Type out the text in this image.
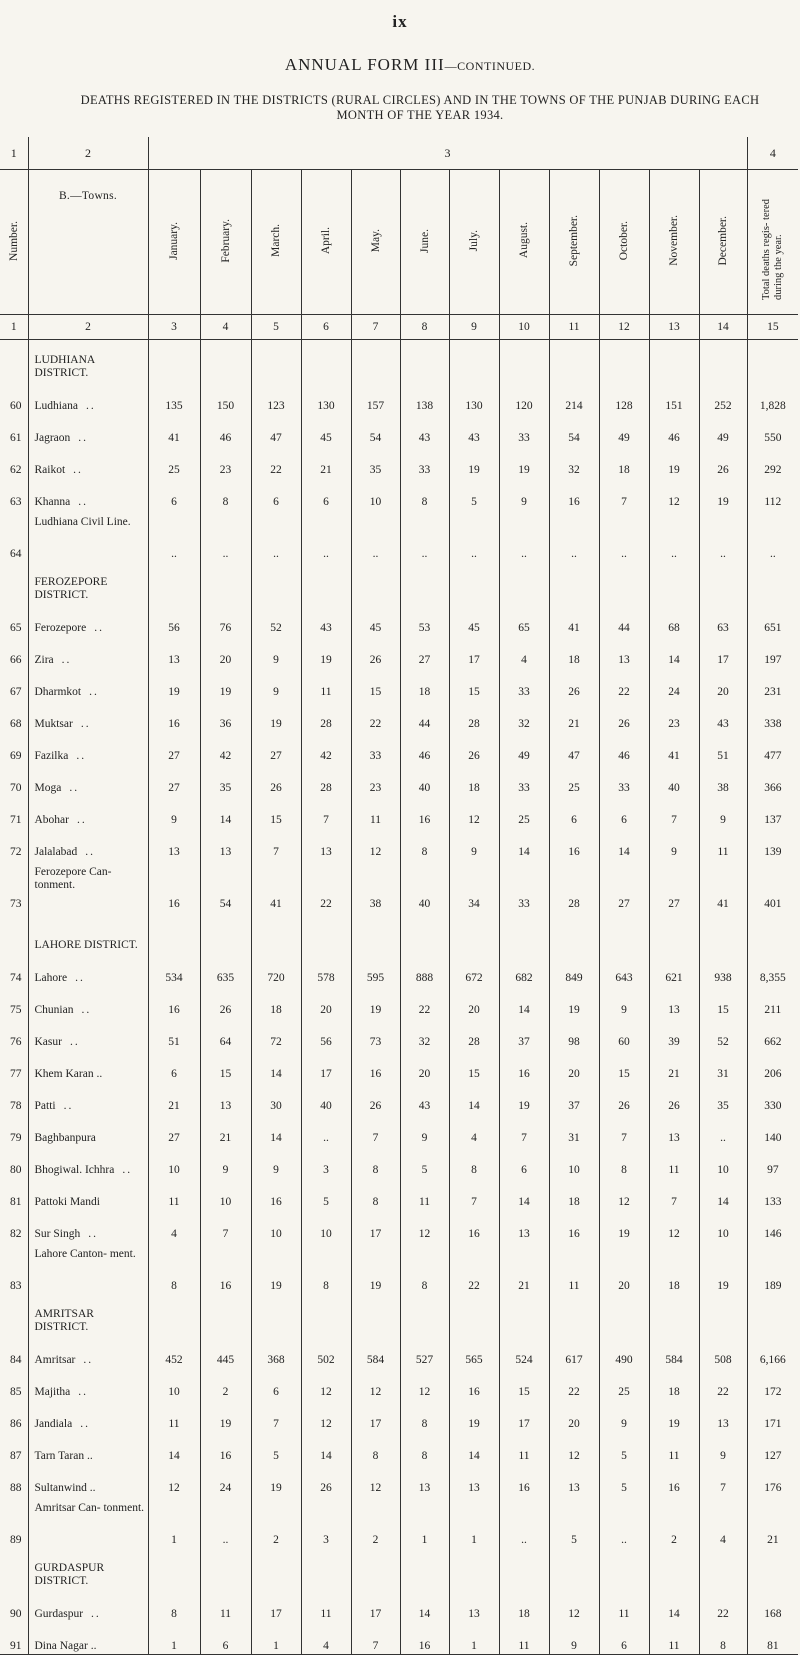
ix
ANNUAL FORM III—CONTINUED.
DEATHS REGISTERED IN THE DISTRICTS (RURAL CIRCLES) AND IN THE TOWNS OF THE PUNJAB DURING EACH
MONTH OF THE YEAR 1934.
1	2	3												4
Number.	B.—Towns.	January.	February.	March.	April.	May.	June.	July.	August.	September.	October.	November.	December.	Total deaths regis- tered during the year.
1	2	3	4	5	6	7	8	9	10	11	12	13	14	15
	LUDHIANA DISTRICT.													
60	Ludhiana ..	135	150	123	130	157	138	130	120	214	128	151	252	1,828
61	Jagraon ..	41	46	47	45	54	43	43	33	54	49	46	49	550
62	Raikot ..	25	23	22	21	35	33	19	19	32	18	19	26	292
63	Khanna ..	6	8	6	6	10	8	5	9	16	7	12	19	112
64	Ludhiana Civil Line.	..	..	..	..	..	..	..	..	..	..	..	..	..
	FEROZEPORE DISTRICT.													
65	Ferozepore ..	56	76	52	43	45	53	45	65	41	44	68	63	651
66	Zira ..	13	20	9	19	26	27	17	4	18	13	14	17	197
67	Dharmkot ..	19	19	9	11	15	18	15	33	26	22	24	20	231
68	Muktsar ..	16	36	19	28	22	44	28	32	21	26	23	43	338
69	Fazilka ..	27	42	27	42	33	46	26	49	47	46	41	51	477
70	Moga ..	27	35	26	28	23	40	18	33	25	33	40	38	366
71	Abohar ..	9	14	15	7	11	16	12	25	6	6	7	9	137
72	Jalalabad ..	13	13	7	13	12	8	9	14	16	14	9	11	139
73	Ferozepore Can- tonment.	16	54	41	22	38	40	34	33	28	27	27	41	401
	LAHORE DISTRICT.													
74	Lahore ..	534	635	720	578	595	888	672	682	849	643	621	938	8,355
75	Chunian ..	16	26	18	20	19	22	20	14	19	9	13	15	211
76	Kasur ..	51	64	72	56	73	32	28	37	98	60	39	52	662
77	Khem Karan ..	6	15	14	17	16	20	15	16	20	15	21	31	206
78	Patti ..	21	13	30	40	26	43	14	19	37	26	26	35	330
79	Baghbanpura	27	21	14	..	7	9	4	7	31	7	13	..	140
80	Bhogiwal. Ichhra ..	10	9	9	3	8	5	8	6	10	8	11	10	97
81	Pattoki Mandi	11	10	16	5	8	11	7	14	18	12	7	14	133
82	Sur Singh ..	4	7	10	10	17	12	16	13	16	19	12	10	146
83	Lahore Canton- ment.	8	16	19	8	19	8	22	21	11	20	18	19	189
	AMRITSAR DISTRICT.													
84	Amritsar ..	452	445	368	502	584	527	565	524	617	490	584	508	6,166
85	Majitha ..	10	2	6	12	12	12	16	15	22	25	18	22	172
86	Jandiala ..	11	19	7	12	17	8	19	17	20	9	19	13	171
87	Tarn Taran ..	14	16	5	14	8	8	14	11	12	5	11	9	127
88	Sultanwind ..	12	24	19	26	12	13	13	16	13	5	16	7	176
89	Amritsar Can- tonment.	1	..	2	3	2	1	1	..	5	..	2	4	21
	GURDASPUR DISTRICT.													
90	Gurdaspur ..	8	11	17	11	17	14	13	18	12	11	14	22	168
91	Dina Nagar ..	1	6	1	4	7	16	1	11	9	6	11	8	81
